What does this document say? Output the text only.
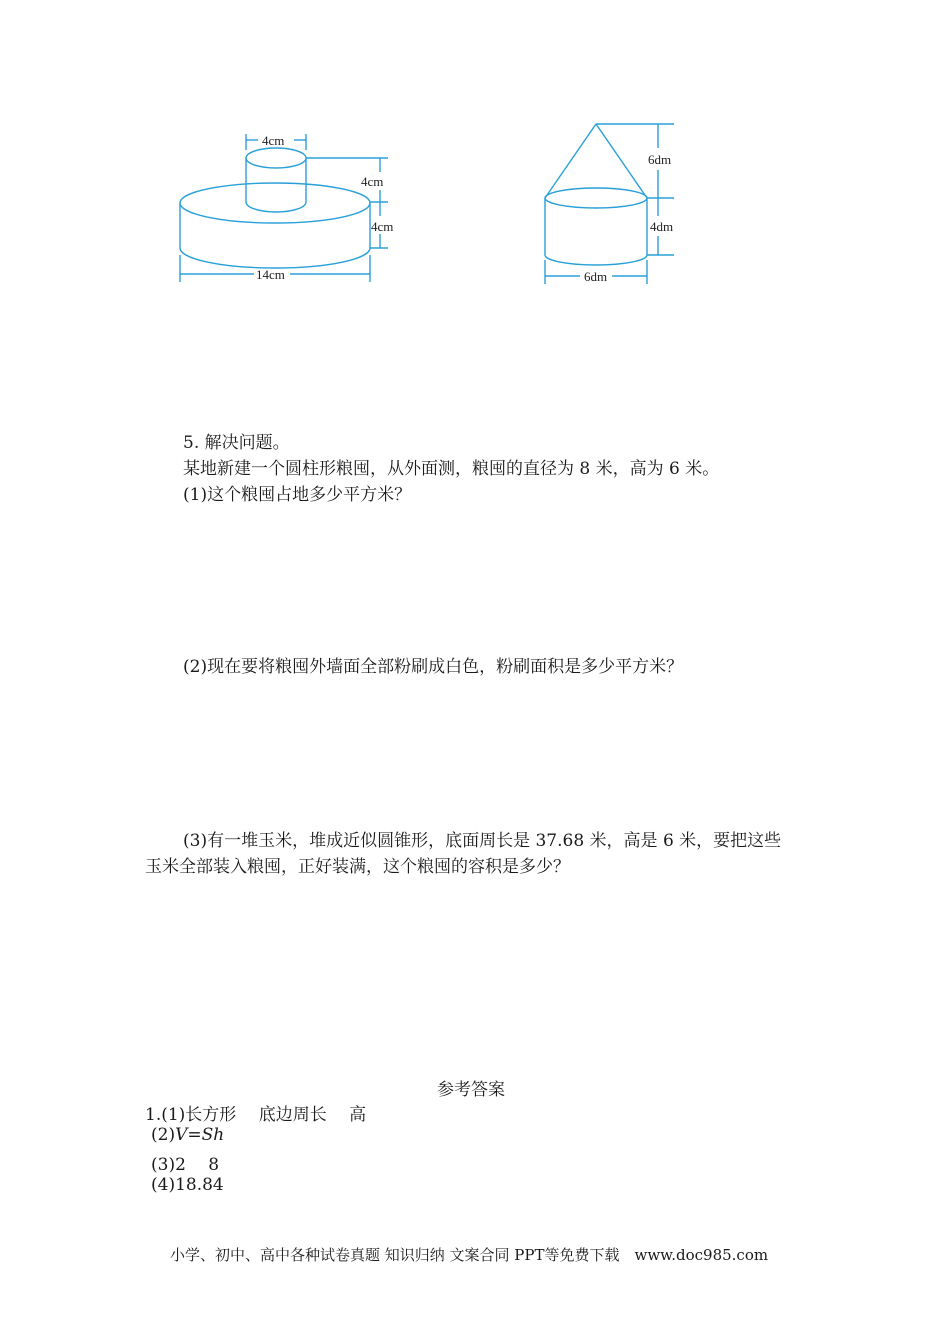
4cm
4cm
4cm
14cm
6dm
4dm
6dm
5. 解决问题。
某地新建一个圆柱形粮囤，从外面测，粮囤的直径为 8 米，高为 6 米。
(1)这个粮囤占地多少平方米？
(2)现在要将粮囤外墙面全部粉刷成白色，粉刷面积是多少平方米？
(3)有一堆玉米，堆成近似圆锥形，底面周长是 37.68 米，高是 6 米，要把这些
玉米全部装入粮囤，正好装满，这个粮囤的容积是多少？
参考答案
1.(1)长方形　 底边周长　 高
(2)V=Sh
(3)2　 8
(4)18.84
小学、初中、高中各种试卷真题 知识归纳 文案合同 PPT等免费下载　www.doc985.com
